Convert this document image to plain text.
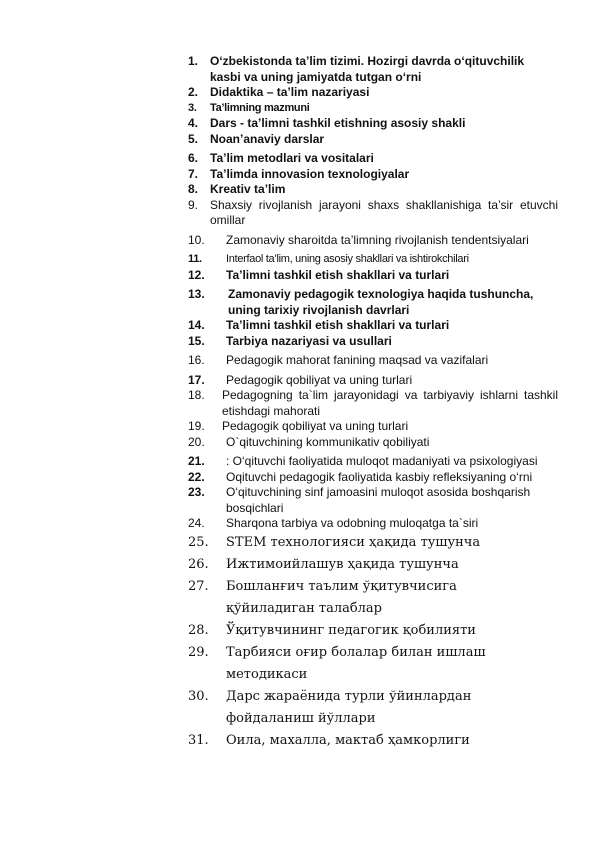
1. O‘zbekistonda ta’lim tizimi. Hozirgi davrda o‘qituvchilik kasbi va uning jamiyatda tutgan o‘rni
2. Didaktika – ta’lim nazariyasi
3. Ta’limning mazmuni
4. Dars - ta’limni tashkil etishning asosiy shakli
5. Noan’anaviy darslar
6. Ta’lim metodlari va vositalari
7. Ta’limda innovasion texnologiyalar
8. Kreativ ta’lim
9. Shaxsiy rivojlanish jarayoni shaxs shakllanishiga ta’sir etuvchi omillar
10. Zamonaviy sharoitda ta’limning rivojlanish tendentsiyalari
11. Interfaol ta’lim, uning asosiy shakllari va ishtirokchilari
12. Ta’limni tashkil etish shakllari va turlari
13. Zamonaviy pedagogik texnologiya haqida tushuncha, uning tarixiy rivojlanish davrlari
14. Ta’limni tashkil etish shakllari va turlari
15. Tarbiya nazariyasi va usullari
16. Pedagogik mahorat fanining maqsad va vazifalari
17. Pedagogik qobiliyat va uning turlari
18. Pedagogning ta`lim jarayonidagi va tarbiyaviy ishlarni tashkil etishdagi mahorati
19. Pedagogik qobiliyat va uning turlari
20. O`qituvchining kommunikativ qobiliyati
21. : O‘qituvchi faoliyatida muloqot madaniyati va psixologiyasi
22. Oqituvchi pedagogik faoliyatida kasbiy refleksiyaning o‘rni
23. O‘qituvchining sinf jamoasini muloqot asosida boshqarish bosqichlari
24. Sharqona tarbiya va odobning muloqatga ta`siri
25. STEM технологияси ҳақида тушунча
26. Ижтимоийлашув ҳақида тушунча
27. Бошланғич таълим ўқитувчисига қўйиладиган талаблар
28. Ўқитувчининг педагогик қобилияти
29. Тарбияси оғир болалар билан ишлаш методикаси
30. Дарс жараёнида турли ўйинлардан фойдаланиш йўллари
31. Оила, махалла, мактаб ҳамкорлиги
